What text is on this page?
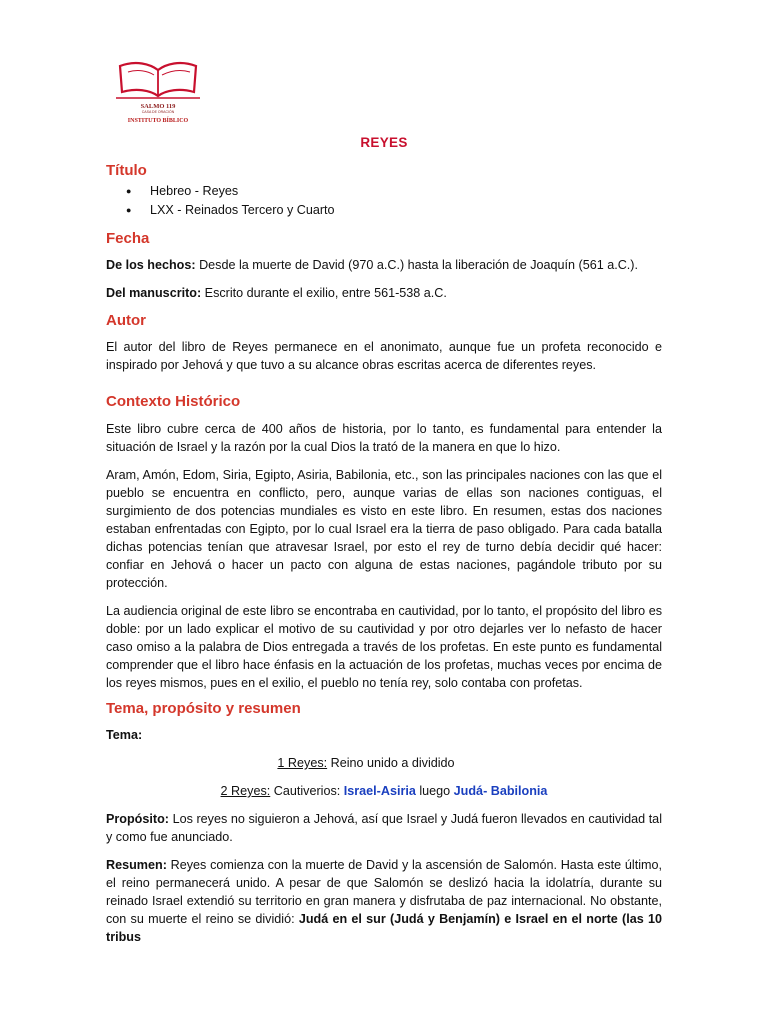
SALMO 119
CASA DE ORACIÓN
INSTITUTO BÍBLICO
REYES
Título
● Hebreo - Reyes
● LXX - Reinados Tercero y Cuarto
Fecha

De los hechos: Desde la muerte de David (970 a.C.) hasta la liberación de Joaquín (561 a.C.).

Del manuscrito: Escrito durante el exilio, entre 561-538 a.C.

Autor

El autor del libro de Reyes permanece en el anonimato, aunque fue un profeta reconocido e inspirado por Jehová y que tuvo a su alcance obras escritas acerca de diferentes reyes.

Contexto Histórico

Este libro cubre cerca de 400 años de historia, por lo tanto, es fundamental para entender la situación de Israel y la razón por la cual Dios la trató de la manera en que lo hizo.

Aram, Amón, Edom, Siria, Egipto, Asiria, Babilonia, etc., son las principales naciones con las que el pueblo se encuentra en conflicto, pero, aunque varias de ellas son naciones contiguas, el surgimiento de dos potencias mundiales es visto en este libro. En resumen, estas dos naciones estaban enfrentadas con Egipto, por lo cual Israel era la tierra de paso obligado. Para cada batalla dichas potencias tenían que atravesar Israel, por esto el rey de turno debía decidir qué hacer: confiar en Jehová o hacer un pacto con alguna de estas naciones, pagándole tributo por su protección.

La audiencia original de este libro se encontraba en cautividad, por lo tanto, el propósito del libro es doble: por un lado explicar el motivo de su cautividad y por otro dejarles ver lo nefasto de hacer caso omiso a la palabra de Dios entregada a través de los profetas. En este punto es fundamental comprender que el libro hace énfasis en la actuación de los profetas, muchas veces por encima de los reyes mismos, pues en el exilio, el pueblo no tenía rey, solo contaba con profetas.

Tema, propósito y resumen

Tema:

1 Reyes: Reino unido a dividido

2 Reyes: Cautiverios: Israel-Asiria luego Judá- Babilonia

Propósito: Los reyes no siguieron a Jehová, así que Israel y Judá fueron llevados en cautividad tal y como fue anunciado.

Resumen: Reyes comienza con la muerte de David y la ascensión de Salomón. Hasta este último, el reino permanecerá unido. A pesar de que Salomón se deslizó hacia la idolatría, durante su reinado Israel extendió su territorio en gran manera y disfrutaba de paz internacional. No obstante, con su muerte el reino se dividió: Judá en el sur (Judá y Benjamín) e Israel en el norte (las 10 tribus
